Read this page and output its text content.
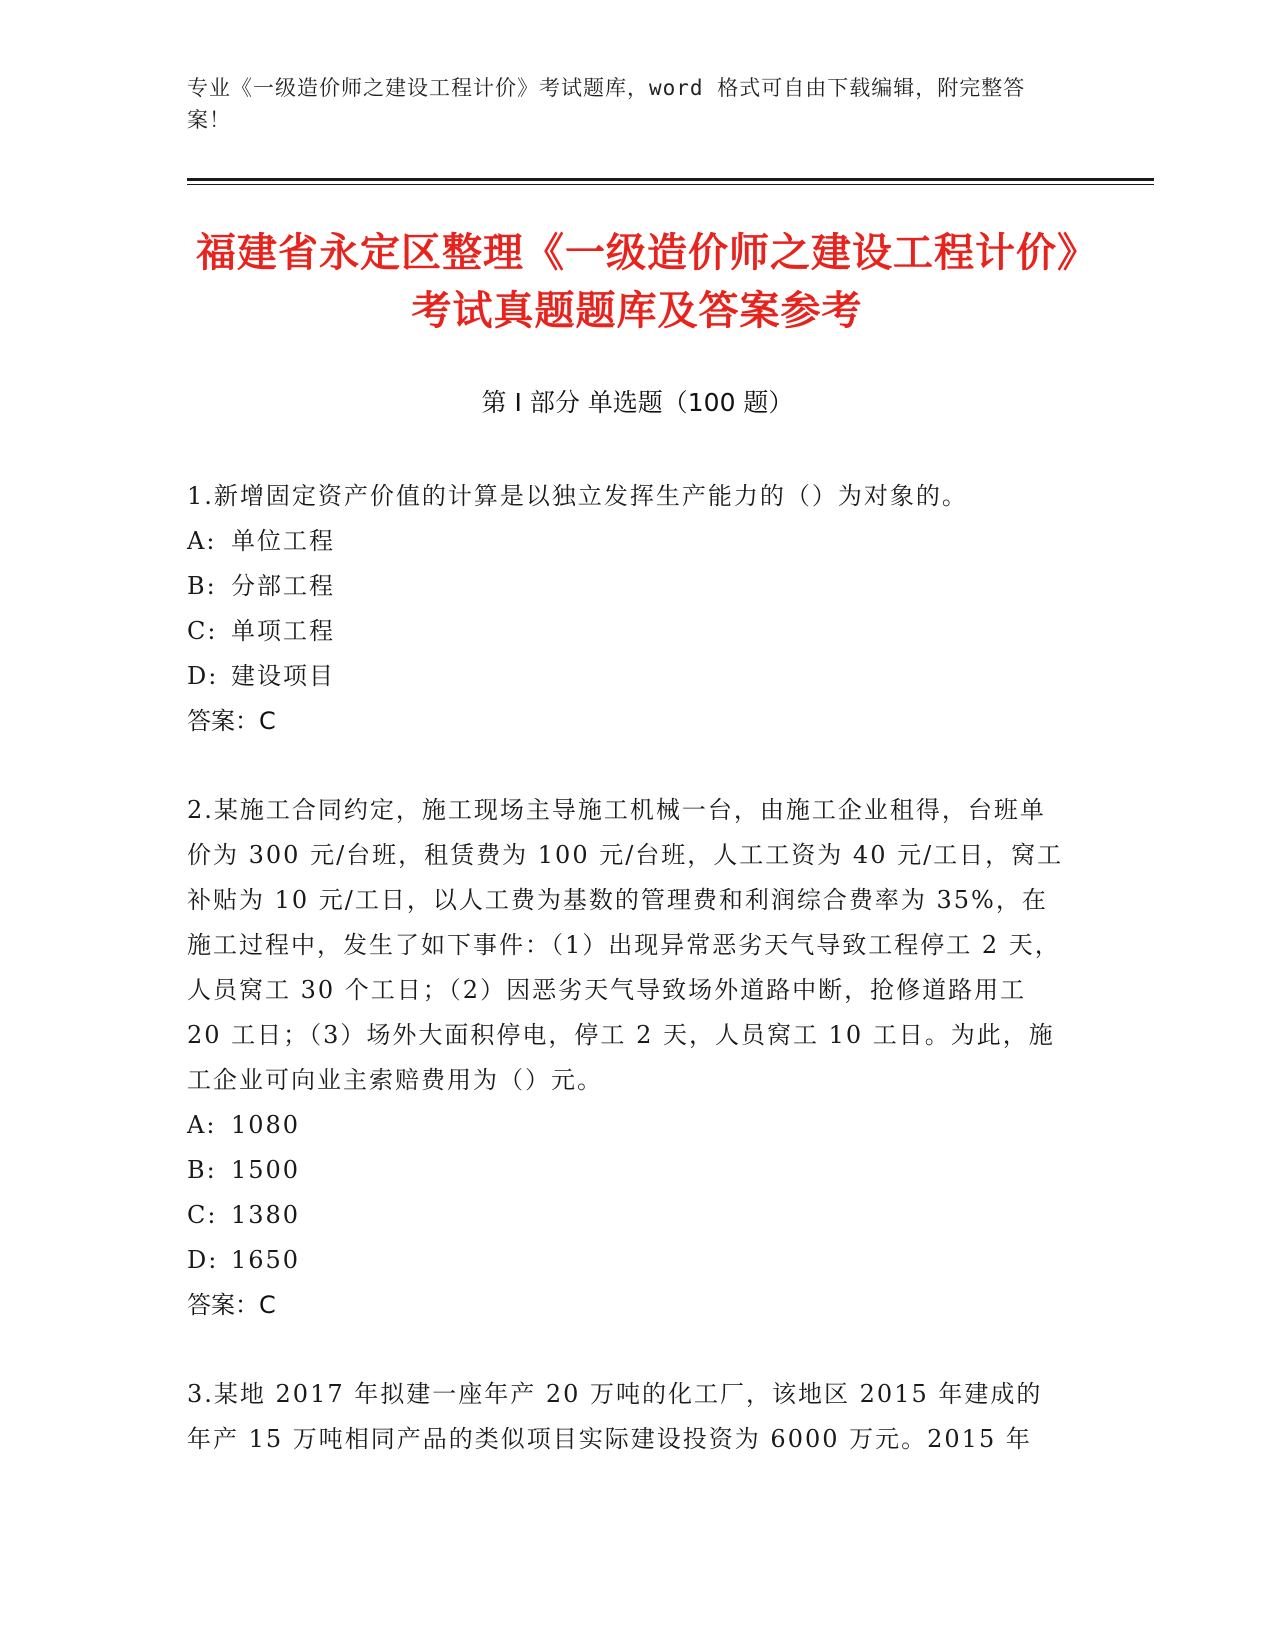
专业《一级造价师之建设工程计价》考试题库，word 格式可自由下载编辑，附完整答案！
福建省永定区整理《一级造价师之建设工程计价》考试真题题库及答案参考
第 I 部分 单选题（100 题）
1.新增固定资产价值的计算是以独立发挥生产能力的（）为对象的。
A: 单位工程
B: 分部工程
C: 单项工程
D: 建设项目
答案：C
2.某施工合同约定，施工现场主导施工机械一台，由施工企业租得，台班单价为 300 元/台班，租赁费为 100 元/台班，人工工资为 40 元/工日，窝工补贴为 10 元/工日，以人工费为基数的管理费和利润综合费率为 35%，在施工过程中，发生了如下事件：（1）出现异常恶劣天气导致工程停工 2 天，人员窝工 30 个工日；（2）因恶劣天气导致场外道路中断，抢修道路用工 20 工日；（3）场外大面积停电，停工 2 天，人员窝工 10 工日。为此，施工企业可向业主索赔费用为（）元。
A: 1080
B: 1500
C: 1380
D: 1650
答案：C
3.某地 2017 年拟建一座年产 20 万吨的化工厂，该地区 2015 年建成的年产 15 万吨相同产品的类似项目实际建设投资为 6000 万元。2015 年
